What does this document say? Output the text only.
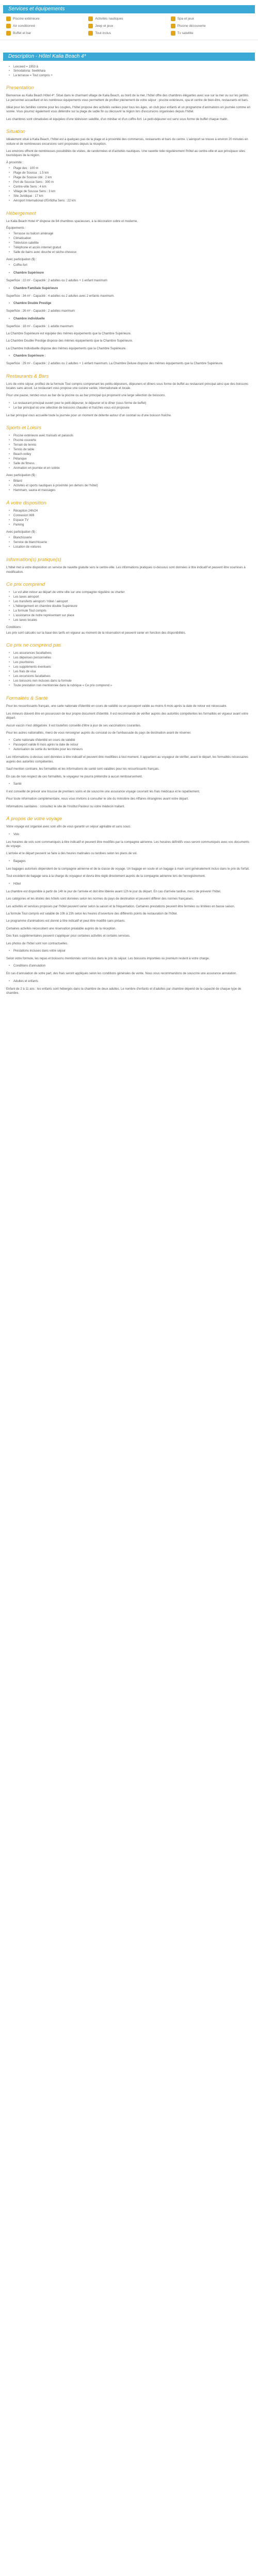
Services et équipements
Piscine extérieure	Activités nautiques	Spa et jeux
Air conditionné	Jeep et jeux	Piscine découverte
Buffet et bar	Tout inclus	Tv satellite
Description - Hôtel Kalia Beach 4*
• Lexceed = 1953 ä
• Simodatoria: Seetkhaia
• La terrasse = Tout compris +
Presentation

Bienvenue au Kalia Beach Hôtel 4*. Situé dans le charmant village de Kalia Beach, au bord de la mer, l'hôtel offre des chambres élégantes avec vue sur la mer ou sur les jardins. Le personnel accueillant et les nombreux équipements vous permettent de profiter pleinement de votre séjour : piscine extérieure, spa et centre de bien-être, restaurants et bars.

Idéal pour les familles comme pour les couples, l'hôtel propose des activités variées pour tous les âges, un club pour enfants et un programme d'animations en journée comme en soirée. Vous pourrez également vous détendre sur la plage de sable fin ou découvrir la région lors d'excursions organisées depuis l'hôtel.

Les chambres sont climatisées et équipées d'une télévision satellite, d'un minibar et d'un coffre-fort. Le petit-déjeuner est servi sous forme de buffet chaque matin.

Situation

Idéalement situé à Kalia Beach, l'hôtel est à quelques pas de la plage et à proximité des commerces, restaurants et bars du centre. L'aéroport se trouve à environ 20 minutes en voiture et de nombreuses excursions sont proposées depuis la réception.

Les environs offrent de nombreuses possibilités de visites, de randonnées et d'activités nautiques. Une navette relie régulièrement l'hôtel au centre-ville et aux principaux sites touristiques de la région.

À proximité :
• Plage des : 100 m
• Plage de Soussa : 1.5 km
• Plage de Sousse cité : 2 km
• Port de Sousse Sens : 300 m
• Centre-ville Sens : 4 km
• Village de Sousse Sens : 3 km
• Site Juridique : 17 km
• Aéroport International d'Enfidha Sens : 22 km
Hébergement

Le Kalia Beach Hotel 4* dispose de 84 chambres spacieuses, à la décoration sobre et moderne.

Équipements :
• Terrasse ou balcon aménagé
• Climatisation
• Télévision satellite
• Téléphone et accès internet gratuit
• Salle de bains avec douche et sèche-cheveux
Avec participation ($) :
• Coffre-fort
• Chambre Supérieure

Superficie : 22 m² - Capacité : 2 adultes ou 2 adultes + 1 enfant maximum

• Chambre Familiale Supérieure

Superficie : 34 m² - Capacité : 4 adultes ou 2 adultes avec 2 enfants maximum.

• Chambre Double Prestige

Superficie : 26 m² - Capacité : 2 adultes maximum

• Chambre individuelle

Superficie : 18 m² - Capacité : 1 adulte maximum

La Chambre Supérieure est équipée des mêmes équipements que la Chambre Supérieure.

La Chambre Double Prestige dispose des mêmes équipements que la Chambre Supérieure.

La Chambre Individuelle dispose des mêmes équipements que la Chambre Supérieure.

• Chambre Supérieure :

Superficie : 29 m² - Capacité : 2 adultes ou 2 adultes + 1 enfant maximum. La Chambre Deluxe dispose des mêmes équipements que la Chambre Supérieure.

Restaurants & Bars

Lors de votre séjour, profitez de la formule Tout compris comprenant les petits-déjeuners, déjeuners et dîners sous forme de buffet au restaurant principal ainsi que des boissons locales sans alcool. Le restaurant vous propose une cuisine variée, internationale et locale.

Pour une pause, rendez-vous au bar de la piscine ou au bar principal qui proposent une large sélection de boissons.

• Le restaurant principal ouvert pour le petit-déjeuner, le déjeuner et le dîner (sous forme de buffet)
• Le bar principal où une sélection de boissons chaudes et fraîches vous est proposée

Le bar principal vous accueille toute la journée pour un moment de détente autour d'un cocktail ou d'une boisson fraîche.

Sports et Loisirs
• Piscine extérieure avec transats et parasols
• Piscine couverte
• Terrain de tennis
• Tennis de table
• Beach-volley
• Pétanque
• Salle de fitness
• Animation en journée et en soirée
Avec participation ($) :
• Billard
• Activités et sports nautiques à proximité (en dehors de l'hôtel)
• Hammam, sauna et massages
À votre disposition
• Réception 24h/24
• Connexion Wifi
• Espace TV
• Parking
Avec participation ($) :
• Blanchisserie
• Service de blanchisserie
• Location de voitures
Information(s) pratique(s)

L'hôtel met à votre disposition un service de navette gratuite vers le centre-ville. Les informations pratiques ci-dessous sont données à titre indicatif et peuvent être soumises à modification.

Ce prix comprend
• Le vol aller-retour au départ de votre ville sur une compagnie régulière ou charter
• Les taxes aéroport
• Les transferts aéroport / hôtel / aéroport
• L'hébergement en chambre double Supérieure
• La formule Tout compris
• L'assistance de notre représentant sur place
• Les taxes locales
Conditions :

Les prix sont calculés sur la base des tarifs en vigueur au moment de la réservation et peuvent varier en fonction des disponibilités.

Ce prix ne comprend pas
• Les assurances facultatives
• Les dépenses personnelles
• Les pourboires
• Les suppléments éventuels
• Les frais de visa
• Les excursions facultatives
• Les boissons non incluses dans la formule
• Toute prestation non mentionnée dans la rubrique « Ce prix comprend »
Formalités & Santé

Pour les ressortissants français, une carte nationale d'identité en cours de validité ou un passeport valide au moins 6 mois après la date de retour est nécessaire.

Les mineurs doivent être en possession de leur propre document d'identité. Il est recommandé de vérifier auprès des autorités compétentes les formalités en vigueur avant votre départ.

Aucun vaccin n'est obligatoire. Il est toutefois conseillé d'être à jour de ses vaccinations courantes.

Pour les autres nationalités, merci de vous renseigner auprès du consulat ou de l'ambassade du pays de destination avant de réserver.

• Carte nationale d'identité en cours de validité
• Passeport valide 6 mois après la date de retour
• Autorisation de sortie du territoire pour les mineurs

Les informations ci-dessus sont données à titre indicatif et peuvent être modifiées à tout moment. Il appartient au voyageur de vérifier, avant le départ, les formalités nécessaires auprès des autorités compétentes.

Sauf mention contraire, les formalités et les informations de santé sont valables pour les ressortissants français.

En cas de non-respect de ces formalités, le voyageur ne pourra prétendre à aucun remboursement.

• Santé

Il est conseillé de prévoir une trousse de premiers soins et de souscrire une assurance voyage couvrant les frais médicaux et le rapatriement.

Pour toute information complémentaire, nous vous invitons à consulter le site du ministère des Affaires étrangères avant votre départ.

Informations sanitaires : consultez le site de l'Institut Pasteur ou votre médecin traitant.

À propos de votre voyage

Votre voyage est organisé avec soin afin de vous garantir un séjour agréable et sans souci.

• Vols

Les horaires de vols sont communiqués à titre indicatif et peuvent être modifiés par la compagnie aérienne. Les horaires définitifs vous seront communiqués avec vos documents de voyage.

L'arrivée et le départ peuvent se faire à des heures matinales ou tardives selon les plans de vol.

• Bagages

Les bagages autorisés dépendent de la compagnie aérienne et de la classe de voyage. Un bagage en soute et un bagage à main sont généralement inclus dans le prix du forfait.

Tout excédent de bagage sera à la charge du voyageur et devra être réglé directement auprès de la compagnie aérienne lors de l'enregistrement.

• Hôtel

La chambre est disponible à partir de 14h le jour de l'arrivée et doit être libérée avant 12h le jour du départ. En cas d'arrivée tardive, merci de prévenir l'hôtel.

Les catégories et les étoiles des hôtels sont données selon les normes du pays de destination et peuvent différer des normes françaises.

Les activités et services proposés par l'hôtel peuvent varier selon la saison et la fréquentation. Certaines prestations peuvent être fermées ou limitées en basse saison.

La formule Tout compris est valable de 10h à 23h selon les heures d'ouverture des différents points de restauration de l'hôtel.

Le programme d'animations est donné à titre indicatif et peut être modifié sans préavis.

Certaines activités nécessitent une réservation préalable auprès de la réception.

Des frais supplémentaires peuvent s'appliquer pour certaines activités et certains services.

Les photos de l'hôtel sont non contractuelles.

• Prestations incluses dans votre séjour

Selon votre formule, les repas et boissons mentionnés sont inclus dans le prix du séjour. Les boissons importées ou premium restent à votre charge.

• Conditions d'annulation

En cas d'annulation de votre part, des frais seront appliqués selon les conditions générales de vente. Nous vous recommandons de souscrire une assurance annulation.

• Adultes et enfants

Enfant de 2 à 11 ans : les enfants sont hébergés dans la chambre de deux adultes. Le nombre d'enfants et d'adultes par chambre dépend de la capacité de chaque type de chambre.
